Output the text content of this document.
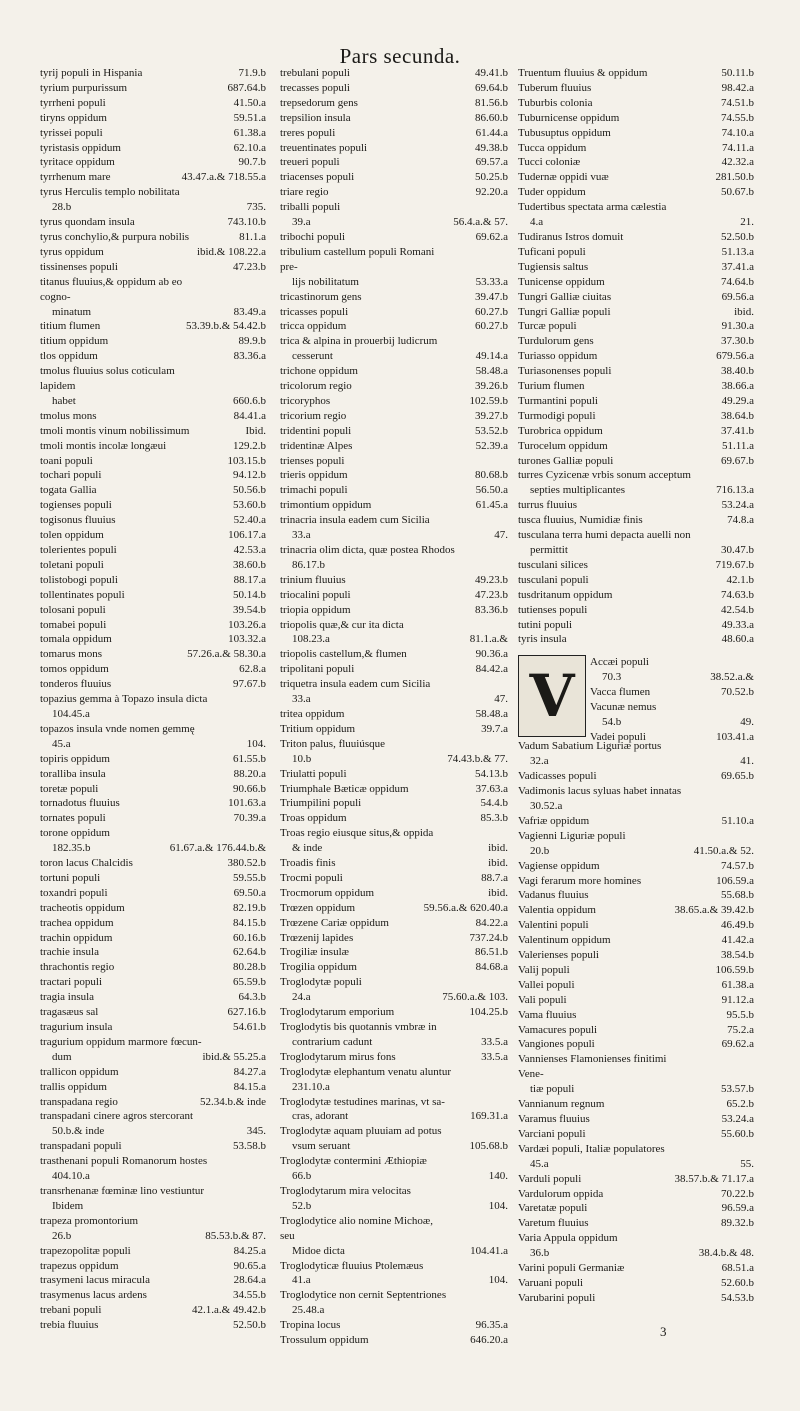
Pars secunda.
tyrij populi in Hispania	71.9.b
tyrium purpurissum	687.64.b
tyrrheni populi	41.50.a
tiryns oppidum	59.51.a
tyrissei populi	61.38.a
tyristasis oppidum	62.10.a
tyritace oppidum	90.7.b
tyrrhenum mare	43.47.a.& 718.55.a
tyrus Herculis templo nobilitata
28.b	735.
tyrus quondam insula	743.10.b
tyrus conchylio,& purpura nobilis	81.1.a
tyrus oppidum	ibid.& 108.22.a
tissinenses populi	47.23.b
titanus fluuius,& oppidum ab eo cogno-
minatum	83.49.a
titium flumen	53.39.b.& 54.42.b
titium oppidum	89.9.b
tlos oppidum	83.36.a
tmolus fluuius solus coticulam lapidem
habet	660.6.b
tmolus mons	84.41.a
tmoli montis vinum nobilissimum	Ibid.
tmoli montis incolæ longæui	129.2.b
toani populi	103.15.b
tochari populi	94.12.b
togata Gallia	50.56.b
togienses populi	53.60.b
togisonus fluuius	52.40.a
tolen oppidum	106.17.a
tolerientes populi	42.53.a
toletani populi	38.60.b
tolistobogi populi	88.17.a
tollentinates populi	50.14.b
tolosani populi	39.54.b
tomabei populi	103.26.a
tomala oppidum	103.32.a
tomarus mons	57.26.a.& 58.30.a
tomos oppidum	62.8.a
tonderos fluuius	97.67.b
topazius gemma à Topazo insula dicta
104.45.a
topazos insula vnde nomen gemmę
45.a	104.
topiris oppidum	61.55.b
toralliba insula	88.20.a
toretæ populi	90.66.b
tornadotus fluuius	101.63.a
tornates populi	70.39.a
torone oppidum
182.35.b	61.67.a.& 176.44.b.&
toron lacus Chalcidis	380.52.b
tortuni populi	59.55.b
toxandri populi	69.50.a
tracheotis oppidum	82.19.b
trachea oppidum	84.15.b
trachin oppidum	60.16.b
trachie insula	62.64.b
thrachontis regio	80.28.b
tractari populi	65.59.b
tragia insula	64.3.b
tragasæus sal	627.16.b
tragurium insula	54.61.b
tragurium oppidum marmore fœcun-
dum	ibid.& 55.25.a
trallicon oppidum	84.27.a
trallis oppidum	84.15.a
transpadana regio	52.34.b.& inde
transpadani cinere agros stercorant
50.b.& inde	345.
transpadani populi	53.58.b
trasthenani populi Romanorum hostes
404.10.a
transrhenanæ fœminæ lino vestiuntur
Ibidem
trapeza promontorium
26.b	85.53.b.& 87.
trapezopolitæ populi	84.25.a
trapezus oppidum	90.65.a
trasymeni lacus miracula	28.64.a
trasymenus lacus ardens	34.55.b
trebani populi	42.1.a.& 49.42.b
trebia fluuius	52.50.b
trebulani populi	49.41.b
trecasses populi	69.64.b
trepsedorum gens	81.56.b
trepsilion insula	86.60.b
treres populi	61.44.a
treuentinates populi	49.38.b
treueri populi	69.57.a
triacenses populi	50.25.b
triare regio	92.20.a
triballi populi
39.a	56.4.a.& 57.
tribochi populi	69.62.a
tribulium castellum populi Romani pre-
lijs nobilitatum	53.33.a
tricastinorum gens	39.47.b
tricasses populi	60.27.b
tricca oppidum	60.27.b
trica & alpina in prouerbij ludicrum
cesserunt	49.14.a
trichone oppidum	58.48.a
tricolorum regio	39.26.b
tricoryphos	102.59.b
tricorium regio	39.27.b
tridentini populi	53.52.b
tridentinæ Alpes	52.39.a
trienses populi
trieris oppidum	80.68.b
trimachi populi	56.50.a
trimontium oppidum	61.45.a
trinacria insula eadem cum Sicilia
33.a	47.
trinacria olim dicta, quæ postea Rhodos
86.17.b
trinium fluuius	49.23.b
triocalini populi	47.23.b
triopia oppidum	83.36.b
triopolis quæ,& cur ita dicta
108.23.a	81.1.a.&
triopolis castellum,& flumen	90.36.a
tripolitani populi	84.42.a
triquetra insula eadem cum Sicilia
33.a	47.
tritea oppidum	58.48.a
Tritium oppidum	39.7.a
Triton palus, fluuiúsque
10.b	74.43.b.& 77.
Triulatti populi	54.13.b
Triumphale Bæticæ oppidum	37.63.a
Triumpilini populi	54.4.b
Troas oppidum	85.3.b
Troas regio eiusque situs,& oppida
& inde	ibid.
Troadis finis	ibid.
Trocmi populi	88.7.a
Trocmorum oppidum	ibid.
Trœzen oppidum	59.56.a.& 620.40.a
Trœzene Cariæ oppidum	84.22.a
Trœzenij lapides	737.24.b
Trogiliæ insulæ	86.51.b
Trogilia oppidum	84.68.a
Troglodytæ populi
24.a	75.60.a.& 103.
Troglodytarum emporium	104.25.b
Troglodytis bis quotannis vmbræ in
contrarium cadunt	33.5.a
Troglodytarum mirus fons	33.5.a
Troglodytæ elephantum venatu aluntur
231.10.a
Troglodytæ testudines marinas, vt sa-
cras, adorant	169.31.a
Troglodytæ aquam pluuiam ad potus
vsum seruant	105.68.b
Troglodytæ contermini Æthiopiæ
66.b	140.
Troglodytarum mira velocitas
52.b	104.
Troglodytice alio nomine Michoæ, seu
Midoe dicta	104.41.a
Troglodyticæ fluuius Ptolemæus
41.a	104.
Troglodytice non cernit Septentriones
25.48.a
Tropina locus	96.35.a
Trossulum oppidum	646.20.a
Truentum fluuius & oppidum	50.11.b
Tuberum fluuius	98.42.a
Tuburbis colonia	74.51.b
Tuburnicense oppidum	74.55.b
Tubusuptus oppidum	74.10.a
Tucca oppidum	74.11.a
Tucci coloniæ	42.32.a
Tudernæ oppidi vuæ	281.50.b
Tuder oppidum	50.67.b
Tudertibus spectata arma cælestia
4.a	21.
Tudiranus Istros domuit	52.50.b
Tuficani populi	51.13.a
Tugiensis saltus	37.41.a
Tunicense oppidum	74.64.b
Tungri Galliæ ciuitas	69.56.a
Tungri Galliæ populi	ibid.
Turcæ populi	91.30.a
Turdulorum gens	37.30.b
Turiasso oppidum	679.56.a
Turiasonenses populi	38.40.b
Turium flumen	38.66.a
Turmantini populi	49.29.a
Turmodigi populi	38.64.b
Turobrica oppidum	37.41.b
Turocelum oppidum	51.11.a
turones Galliæ populi	69.67.b
turres Cyzicenæ vrbis sonum acceptum
septies multiplicantes	716.13.a
turrus fluuius	53.24.a
tusca fluuius, Numidiæ finis	74.8.a
tusculana terra humi depacta auelli non
permittit	30.47.b
tusculani silices	719.67.b
tusculani populi	42.1.b
tusdritanum oppidum	74.63.b
tutienses populi	42.54.b
tutini populi	49.33.a
tyris insula	48.60.a
V	Accæi populi
70.3	38.52.a.&
Vacca flumen	70.52.b
Vacunæ nemus
54.b	49.
Vadei populi	103.41.a
Vadum Sabatium Liguriæ portus
32.a	41.
Vadicasses populi	69.65.b
Vadimonis lacus syluas habet innatas
30.52.a
Vafriæ oppidum	51.10.a
Vagienni Liguriæ populi
20.b	41.50.a.& 52.
Vagiense oppidum	74.57.b
Vagi ferarum more homines	106.59.a
Vadanus fluuius	55.68.b
Valentia oppidum	38.65.a.& 39.42.b
Valentini populi	46.49.b
Valentinum oppidum	41.42.a
Valerienses populi	38.54.b
Valij populi	106.59.b
Vallei populi	61.38.a
Vali populi	91.12.a
Vama fluuius	95.5.b
Vamacures populi	75.2.a
Vangiones populi	69.62.a
Vannienses Flamonienses finitimi Vene-
tiæ populi	53.57.b
Vannianum regnum	65.2.b
Varamus fluuius	53.24.a
Varciani populi	55.60.b
Vardæi populi, Italiæ populatores
45.a	55.
Varduli populi	38.57.b.& 71.17.a
Vardulorum oppida	70.22.b
Varetatæ populi	96.59.a
Varetum fluuius	89.32.b
Varia Appula oppidum
36.b	38.4.b.& 48.
Varini populi Germaniæ	68.51.a
Varuani populi	52.60.b
Varubarini populi	54.53.b
3
